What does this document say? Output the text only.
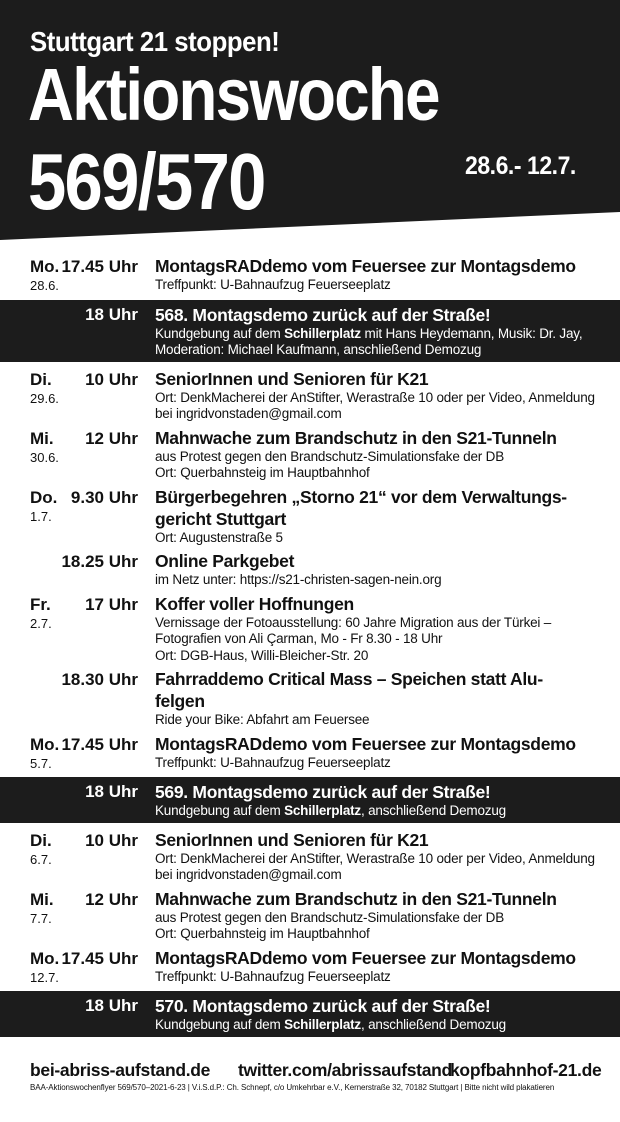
Stuttgart 21 stoppen!
Aktionswoche
569/570	28.6.- 12.7.
Mo. 17.45 Uhr
28.6.
MontagsRADdemo vom Feuersee zur Montagsdemo
Treffpunkt: U-Bahnaufzug Feuerseeplatz
18 Uhr 568. Montagsdemo zurück auf der Straße!
Kundgebung auf dem Schillerplatz mit Hans Heydemann, Musik: Dr. Jay,
Moderation: Michael Kaufmann, anschließend Demozug
Di. 10 Uhr
29.6.
SeniorInnen und Senioren für K21
Ort: DenkMacherei der AnStifter, Werastraße 10 oder per Video, Anmeldung
bei ingridvonstaden@gmail.com
Mi. 12 Uhr
30.6.
Mahnwache zum Brandschutz in den S21-Tunneln
aus Protest gegen den Brandschutz-Simulationsfake der DB
Ort: Querbahnsteig im Hauptbahnhof
Do. 9.30 Uhr
1.7.
Bürgerbegehren „Storno 21“ vor dem Verwaltungs-
gericht Stuttgart
Ort: Augustenstraße 5
18.25 Uhr Online Parkgebet
im Netz unter: https://s21-christen-sagen-nein.org
Fr. 17 Uhr
2.7.
Koffer voller Hoffnungen
Vernissage der Fotoausstellung: 60 Jahre Migration aus der Türkei –
Fotografien von Ali Çarman, Mo - Fr 8.30 - 18 Uhr
Ort: DGB-Haus, Willi-Bleicher-Str. 20
18.30 Uhr Fahrraddemo Critical Mass – Speichen statt Alu-
felgen
Ride your Bike: Abfahrt am Feuersee
Mo. 17.45 Uhr
5.7.
MontagsRADdemo vom Feuersee zur Montagsdemo
Treffpunkt: U-Bahnaufzug Feuerseeplatz
18 Uhr 569. Montagsdemo zurück auf der Straße!
Kundgebung auf dem Schillerplatz, anschließend Demozug
Di. 10 Uhr
6.7.
SeniorInnen und Senioren für K21
Ort: DenkMacherei der AnStifter, Werastraße 10 oder per Video, Anmeldung
bei ingridvonstaden@gmail.com
Mi. 12 Uhr
7.7.
Mahnwache zum Brandschutz in den S21-Tunneln
aus Protest gegen den Brandschutz-Simulationsfake der DB
Ort: Querbahnsteig im Hauptbahnhof
Mo. 17.45 Uhr
12.7.
MontagsRADdemo vom Feuersee zur Montagsdemo
Treffpunkt: U-Bahnaufzug Feuerseeplatz
18 Uhr 570. Montagsdemo zurück auf der Straße!
Kundgebung auf dem Schillerplatz, anschließend Demozug
bei-abriss-aufstand.de twitter.com/abrissaufstand
kopfbahnhof-21.de
BAA-Aktionswochenflyer 569/570–2021-6-23 | V.i.S.d.P.: Ch. Schnepf, c/o Umkehrbar e.V., Kernerstraße 32, 70182 Stuttgart | Bitte nicht wild plakatieren
